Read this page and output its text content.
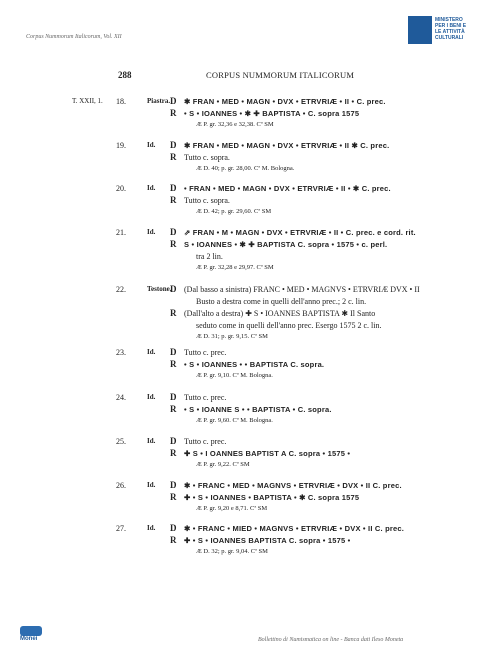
Corpus Nummorum Italicorum, Vol. XII
MINISTERO
PER I BENI E
LE ATTIVITÀ
CULTURALI
288	CORPUS NUMMORUM ITALICORUM
T. XXII, 1. 18.	Piastra. D ✱ FRAN • MED • MAGN • DVX • ETRVRIÆ • II • C. prec.
R • S • IOANNES • ✱ ✚ BAPTISTA • C. sopra 1575
Æ P. gr. 32,36 e 32,38. Cª SM
19.	Id. D ✱ FRAN • MED • MAGN • DVX • ETRVRIÆ • II ✱ C. prec.
R Tutto c. sopra.
Æ D. 40; p. gr. 28,00. Cª M. Bologna.
20.	Id. D • FRAN • MED • MAGN • DVX • ETRVRIÆ • II • ✱ C. prec.
R Tutto c. sopra.
Æ D. 42; p. gr. 29,60. Cª SM
21.	Id. D ⇗ FRAN • M • MAGN • DVX • ETRVRIÆ • II • C. prec. e cord. rit.
R S • IOANNES • ✱ ✚ BAPTISTA C. sopra • 1575 • c. perl.
tra 2 lin.
Æ P. gr. 32,28 e 29,97. Cª SM
22.	Testone.
D (Dal basso a sinistra) FRANC • MED • MAGNVS • ETRVRIÆ DVX • II
Busto a destra come in quelli dell'anno prec.; 2 c. lin.
R (Dall'alto a destra) ✚ S • IOANNES BAPTISTA ✱ Il Santo
seduto come in quelli dell'anno prec. Esergo 1575 2 c. lin.
Æ D. 31; p. gr. 9,15. Cª SM
23.	Id. D Tutto c. prec.
R • S • IOANNES • • BAPTISTA C. sopra.
Æ P. gr. 9,10. Cª M. Bologna.
24.	Id. D Tutto c. prec.
R • S • IOANNE S • • BAPTISTA • C. sopra.
Æ P. gr. 9,60. Cª M. Bologna.
25.	Id. D Tutto c. prec.
R ✚ S • I OANNES BAPTIST A C. sopra • 1575 •
Æ P. gr. 9,22. Cª SM
26.	Id. D ✱ • FRANC • MED • MAGNVS • ETRVRIÆ • DVX • II C. prec.
R ✚ • S • IOANNES • BAPTISTA • ✱ C. sopra 1575
Æ P. gr. 9,20 e 8,71. Cª SM
27.	Id. D ✱ • FRANC • MIED • MAGNVS • ETRVRIÆ • DVX • II C. prec.
R ✚ • S • IOANNES BAPTISTA C. sopra • 1575 •
Æ D. 32; p. gr. 9,04. Cª SM
Monei	Bollettino di Numismatica on line - Banca dati Ileso Moneta
